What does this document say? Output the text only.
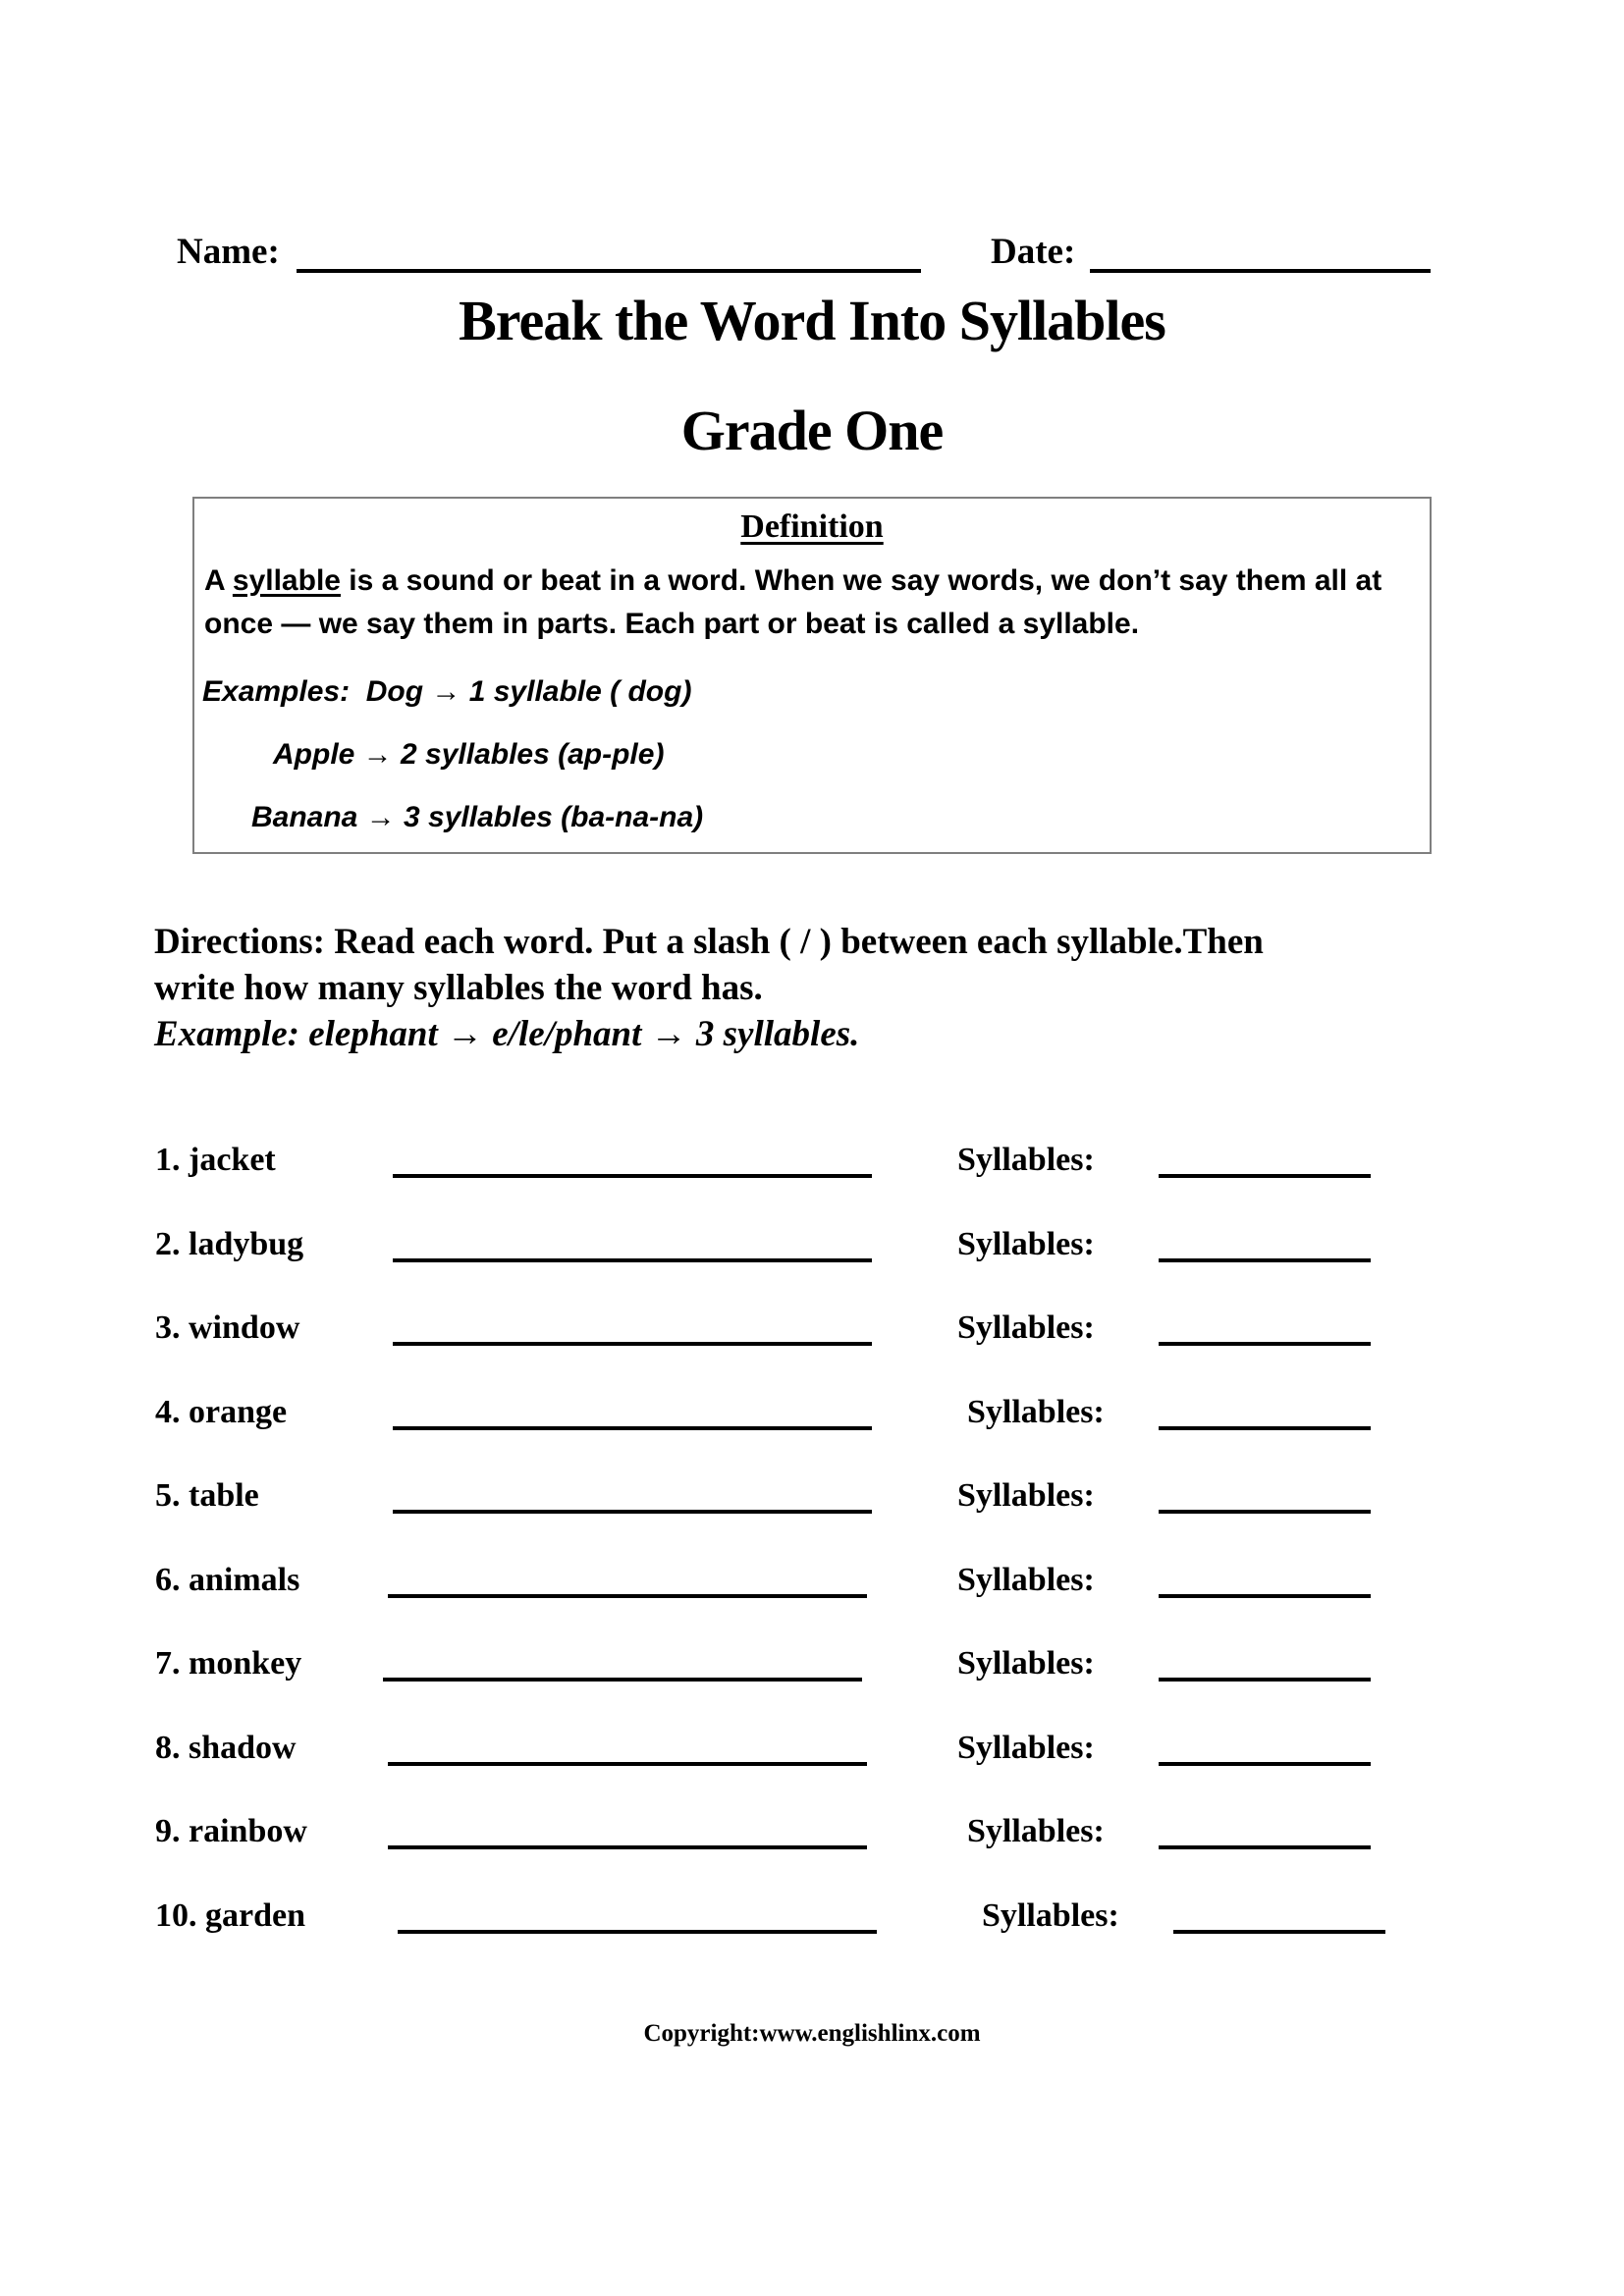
Name:	Date:
Break the Word Into Syllables
Grade One
Definition
A syllable is a sound or beat in a word. When we say words, we don’t say them all at once — we say them in parts. Each part or beat is called a syllable.
Examples:  Dog → 1 syllable ( dog)
Apple → 2 syllables (ap-ple)
Banana → 3 syllables (ba-na-na)
Directions: Read each word. Put a slash ( / ) between each syllable.Then
write how many syllables the word has.
Example: elephant → e/le/phant → 3 syllables.
1. jacket	Syllables:
2. ladybug	Syllables:
3. window	Syllables:
4. orange	Syllables:
5. table	Syllables:
6. animals	Syllables:
7. monkey	Syllables:
8. shadow	Syllables:
9. rainbow	Syllables:
10. garden	Syllables:
Copyright:www.englishlinx.com
